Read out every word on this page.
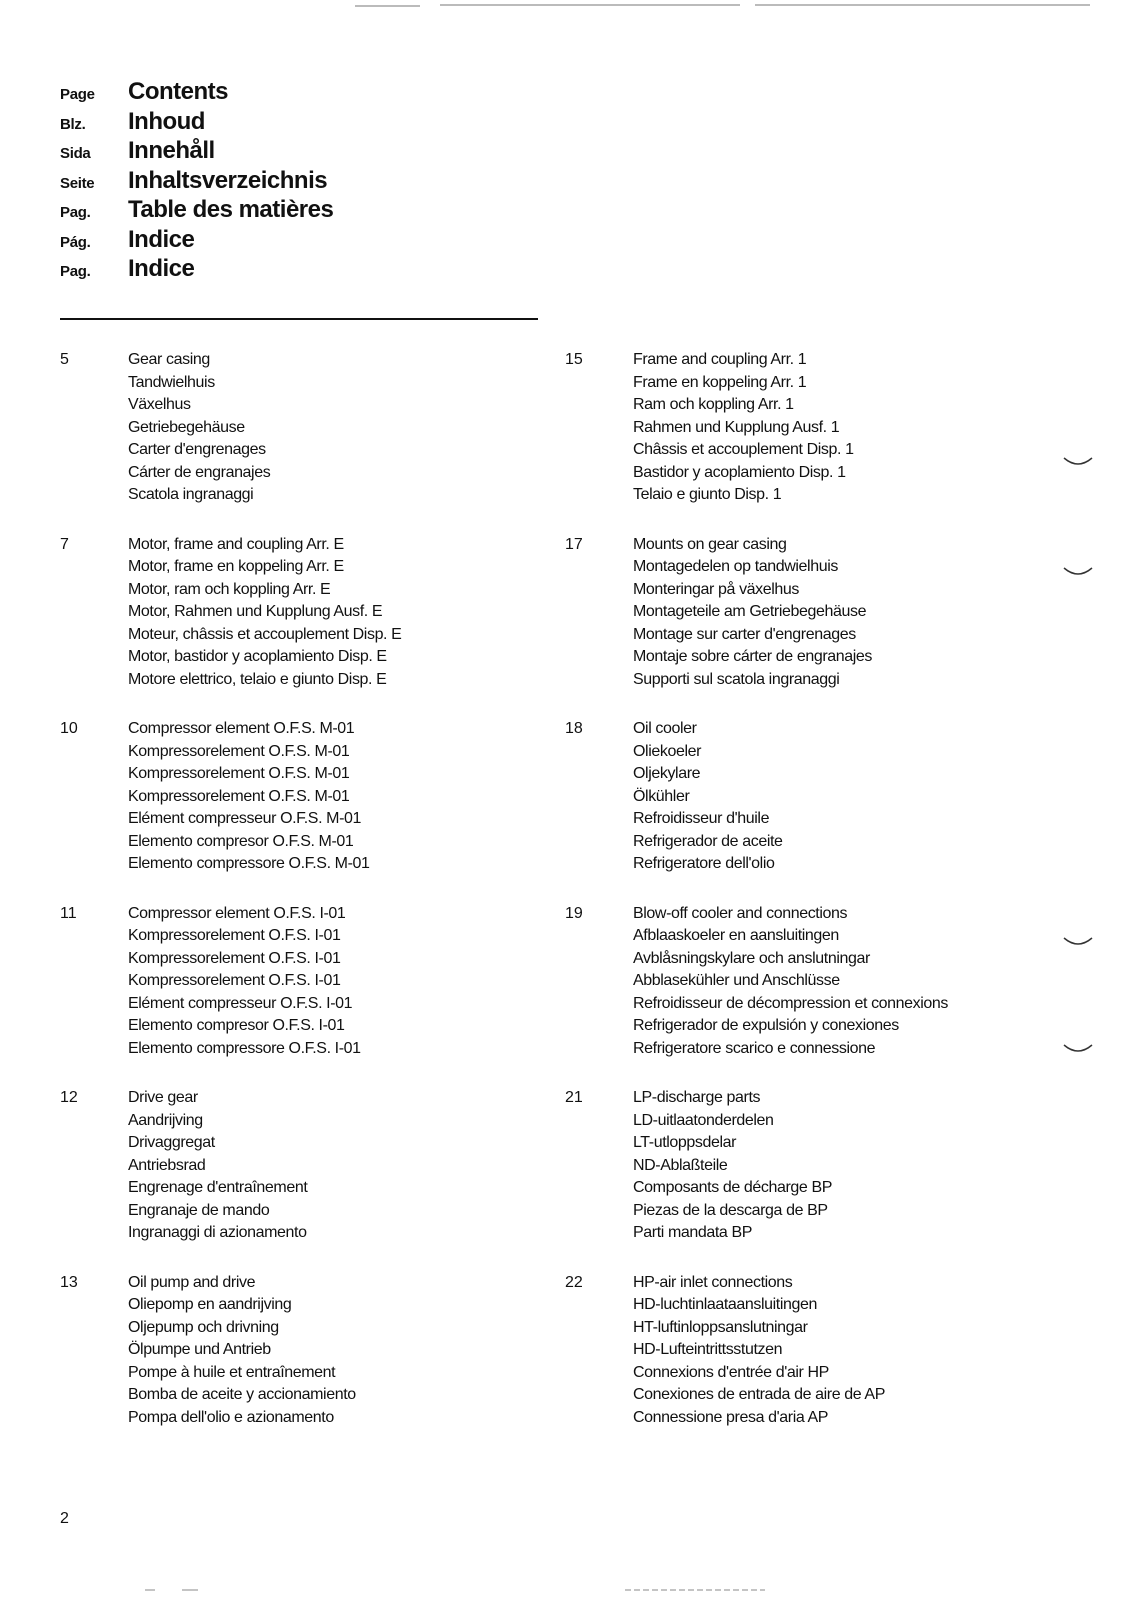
Page	Contents
Blz.	Inhoud
Sida	Innehåll
Seite	Inhaltsverzeichnis
Pag.	Table des matières
Pág.	Indice
Pag.	Indice
5	Gear casing
Tandwielhuis
Växelhus
Getriebegehäuse
Carter d'engrenages
Cárter de engranajes
Scatola ingranaggi
7	Motor, frame and coupling Arr. E
Motor, frame en koppeling Arr. E
Motor, ram och koppling Arr. E
Motor, Rahmen und Kupplung Ausf. E
Moteur, châssis et accouplement Disp. E
Motor, bastidor y acoplamiento Disp. E
Motore elettrico, telaio e giunto Disp. E
10	Compressor element O.F.S. M-01
Kompressorelement O.F.S. M-01
Kompressorelement O.F.S. M-01
Kompressorelement O.F.S. M-01
Elément compresseur O.F.S. M-01
Elemento compresor O.F.S. M-01
Elemento compressore O.F.S. M-01
11	Compressor element O.F.S. I-01
Kompressorelement O.F.S. I-01
Kompressorelement O.F.S. I-01
Kompressorelement O.F.S. I-01
Elément compresseur O.F.S. I-01
Elemento compresor O.F.S. I-01
Elemento compressore O.F.S. I-01
12	Drive gear
Aandrijving
Drivaggregat
Antriebsrad
Engrenage d'entraînement
Engranaje de mando
Ingranaggi di azionamento
13	Oil pump and drive
Oliepomp en aandrijving
Oljepump och drivning
Ölpumpe und Antrieb
Pompe à huile et entraînement
Bomba de aceite y accionamiento
Pompa dell'olio e azionamento
15	Frame and coupling Arr. 1
Frame en koppeling Arr. 1
Ram och koppling Arr. 1
Rahmen und Kupplung Ausf. 1
Châssis et accouplement Disp. 1
Bastidor y acoplamiento Disp. 1
Telaio e giunto Disp. 1
17	Mounts on gear casing
Montagedelen op tandwielhuis
Monteringar på växelhus
Montageteile am Getriebegehäuse
Montage sur carter d'engrenages
Montaje sobre cárter de engranajes
Supporti sul scatola ingranaggi
18	Oil cooler
Oliekoeler
Oljekylare
Ölkühler
Refroidisseur d'huile
Refrigerador de aceite
Refrigeratore dell'olio
19	Blow-off cooler and connections
Afblaaskoeler en aansluitingen
Avblåsningskylare och anslutningar
Abblasekühler und Anschlüsse
Refroidisseur de décompression et connexions
Refrigerador de expulsión y conexiones
Refrigeratore scarico e connessione
21	LP-discharge parts
LD-uitlaatonderdelen
LT-utloppsdelar
ND-Ablaßteile
Composants de décharge BP
Piezas de la descarga de BP
Parti mandata BP
22	HP-air inlet connections
HD-luchtinlaataansluitingen
HT-luftinloppsanslutningar
HD-Lufteintrittsstutzen
Connexions d'entrée d'air HP
Conexiones de entrada de aire de AP
Connessione presa d'aria AP
2
